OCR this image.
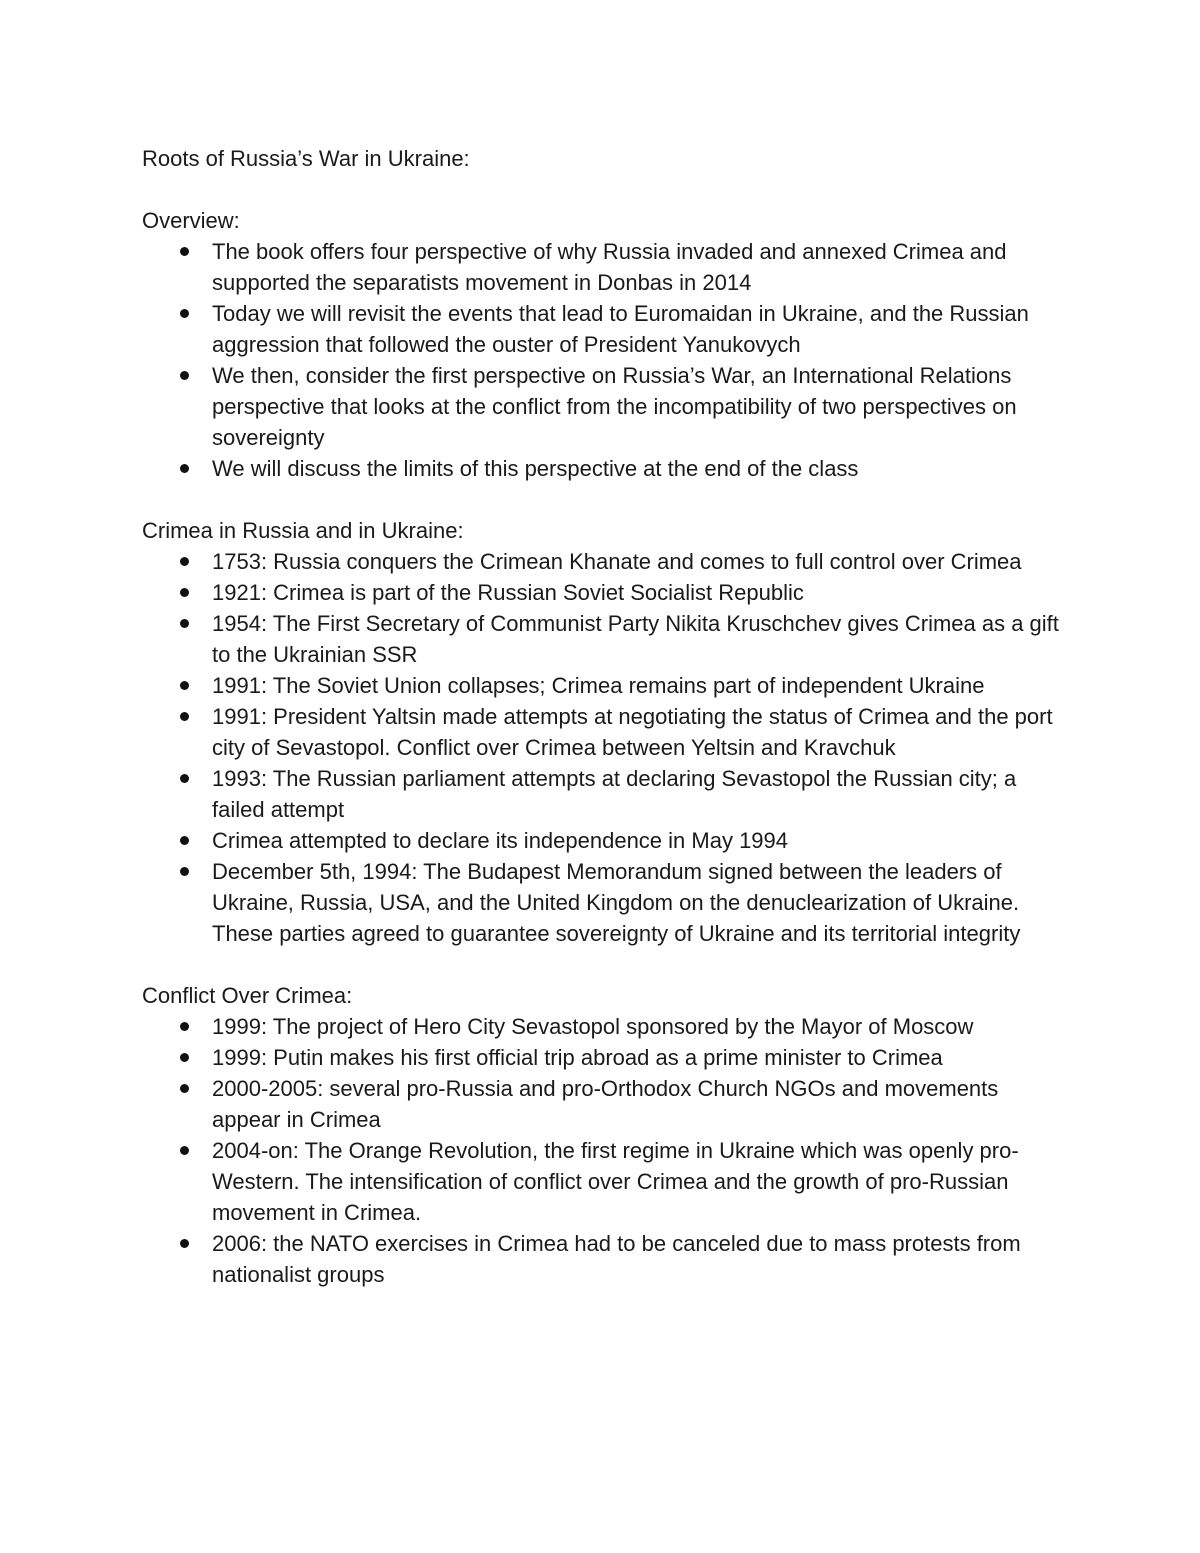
Roots of Russia’s War in Ukraine:
Overview:
The book offers four perspective of why Russia invaded and annexed Crimea and supported the separatists movement in Donbas in 2014
Today we will revisit the events that lead to Euromaidan in Ukraine, and the Russian aggression that followed the ouster of President Yanukovych
We then, consider the first perspective on Russia’s War, an International Relations perspective that looks at the conflict from the incompatibility of two perspectives on sovereignty
We will discuss the limits of this perspective at the end of the class
Crimea in Russia and in Ukraine:
1753: Russia conquers the Crimean Khanate and comes to full control over Crimea
1921: Crimea is part of the Russian Soviet Socialist Republic
1954: The First Secretary of Communist Party Nikita Kruschchev gives Crimea as a gift to the Ukrainian SSR
1991: The Soviet Union collapses; Crimea remains part of independent Ukraine
1991: President Yaltsin made attempts at negotiating the status of Crimea and the port city of Sevastopol. Conflict over Crimea between Yeltsin and Kravchuk
1993: The Russian parliament attempts at declaring Sevastopol the Russian city; a failed attempt
Crimea attempted to declare its independence in May 1994
December 5th, 1994: The Budapest Memorandum signed between the leaders of Ukraine, Russia, USA, and the United Kingdom on the denuclearization of Ukraine. These parties agreed to guarantee sovereignty of Ukraine and its territorial integrity
Conflict Over Crimea:
1999: The project of Hero City Sevastopol sponsored by the Mayor of Moscow
1999: Putin makes his first official trip abroad as a prime minister to Crimea
2000-2005: several pro-Russia and pro-Orthodox Church NGOs and movements appear in Crimea
2004-on: The Orange Revolution, the first regime in Ukraine which was openly pro-Western. The intensification of conflict over Crimea and the growth of pro-Russian movement in Crimea.
2006: the NATO exercises in Crimea had to be canceled due to mass protests from nationalist groups
